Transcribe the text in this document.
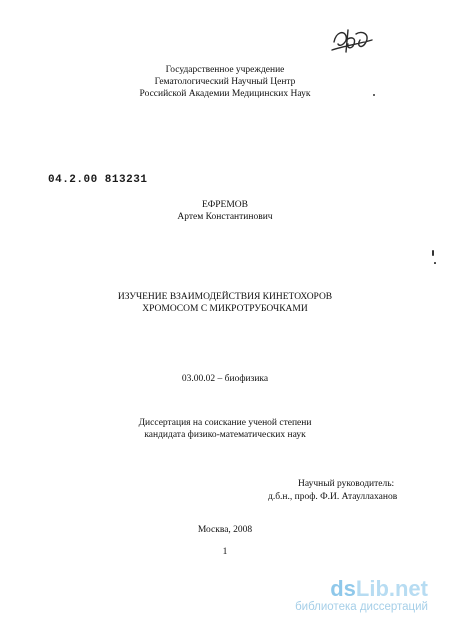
Государственное учреждение
Гематологический Научный Центр
Российской Академии Медицинских Наук
04.2.00 813231
ЕФРЕМОВ
Артем Константинович
ИЗУЧЕНИЕ ВЗАИМОДЕЙСТВИЯ КИНЕТОХОРОВ
ХРОМОСОМ С МИКРОТРУБОЧКАМИ
03.00.02 – биофизика
Диссертация на соискание ученой степени
кандидата физико-математических наук
Научный руководитель:
д.б.н., проф. Ф.И. Атауллаханов
Москва, 2008
1
dsLib.net
библиотека диссертаций
